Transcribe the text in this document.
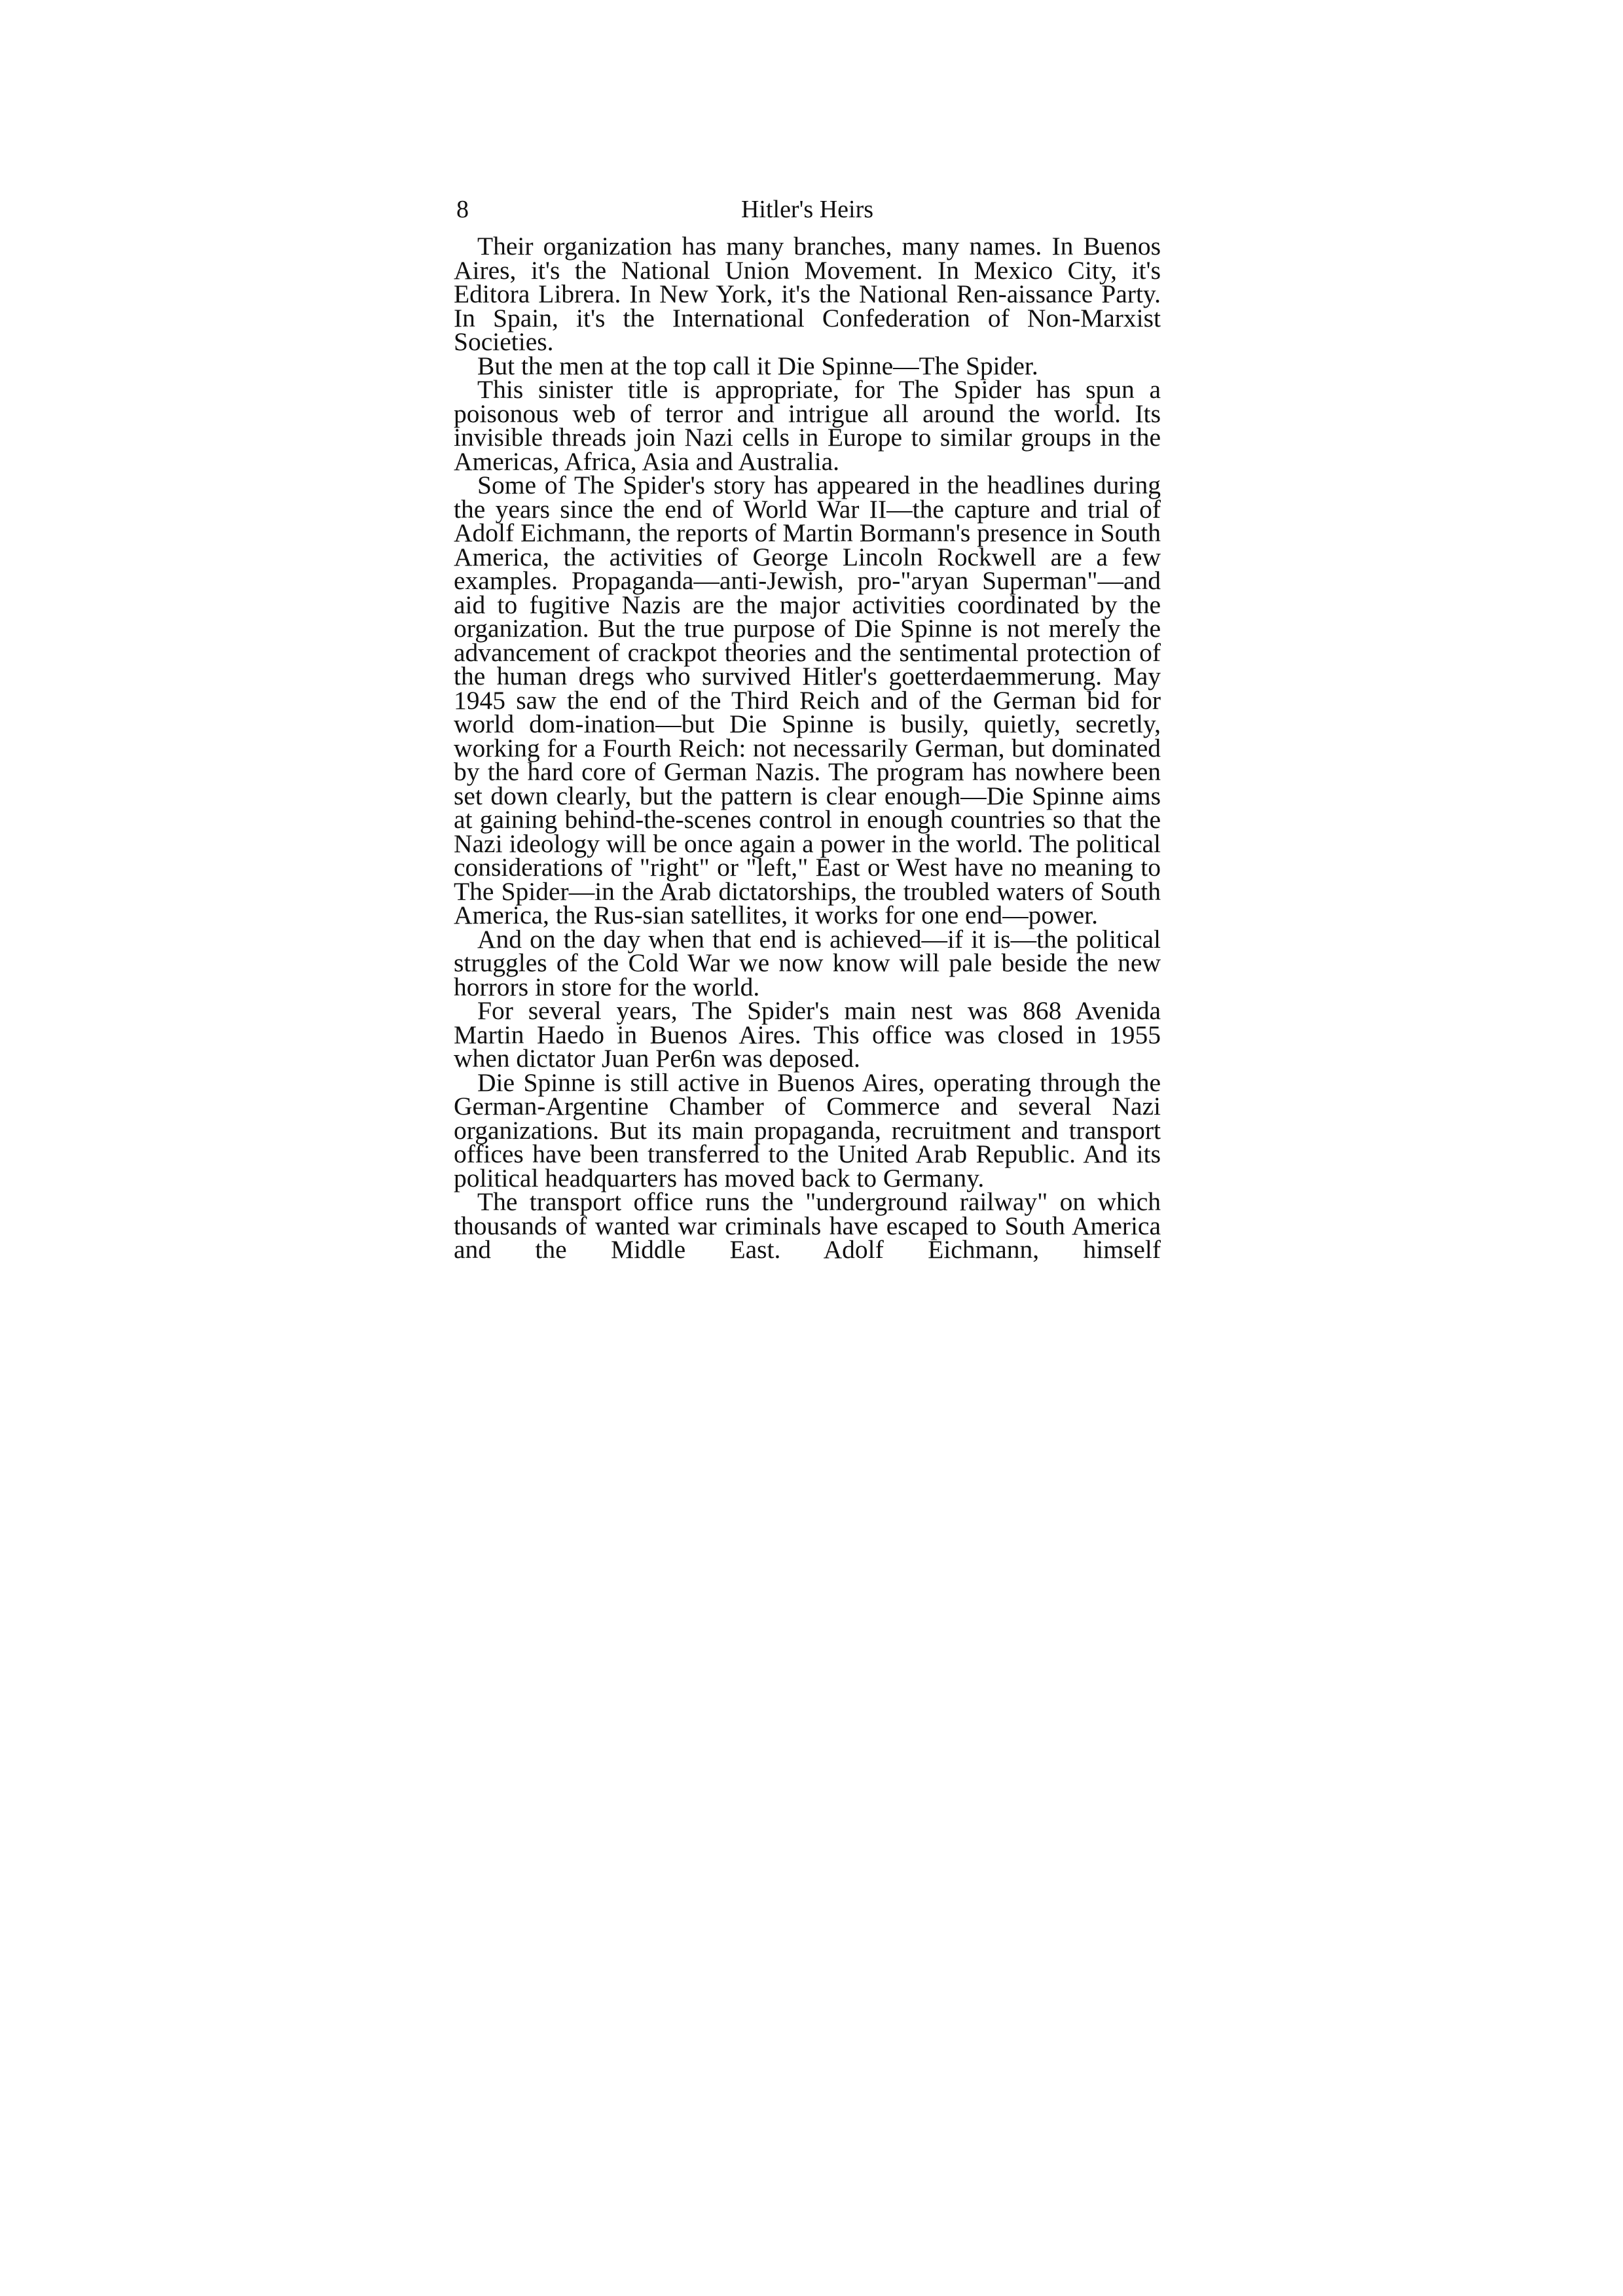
8	Hitler's Heirs

Their organization has many branches, many names. In Buenos Aires, it's the National Union Movement. In Mexico City, it's Editora Librera. In New York, it's the National Ren-aissance Party. In Spain, it's the International Confederation of Non-Marxist Societies.

But the men at the top call it Die Spinne—The Spider.

This sinister title is appropriate, for The Spider has spun a poisonous web of terror and intrigue all around the world. Its invisible threads join Nazi cells in Europe to similar groups in the Americas, Africa, Asia and Australia.

Some of The Spider's story has appeared in the headlines during the years since the end of World War II—the capture and trial of Adolf Eichmann, the reports of Martin Bormann's presence in South America, the activities of George Lincoln Rockwell are a few examples. Propaganda—anti-Jewish, pro-"aryan Superman"—and aid to fugitive Nazis are the major activities coordinated by the organization. But the true purpose of Die Spinne is not merely the advancement of crackpot theories and the sentimental protection of the human dregs who survived Hitler's goetterdaemmerung. May 1945 saw the end of the Third Reich and of the German bid for world dom-ination—but Die Spinne is busily, quietly, secretly, working for a Fourth Reich: not necessarily German, but dominated by the hard core of German Nazis. The program has nowhere been set down clearly, but the pattern is clear enough—Die Spinne aims at gaining behind-the-scenes control in enough countries so that the Nazi ideology will be once again a power in the world. The political considerations of "right" or "left," East or West have no meaning to The Spider—in the Arab dictatorships, the troubled waters of South America, the Rus-sian satellites, it works for one end—power.

And on the day when that end is achieved—if it is—the political struggles of the Cold War we now know will pale beside the new horrors in store for the world.

For several years, The Spider's main nest was 868 Avenida Martin Haedo in Buenos Aires. This office was closed in 1955 when dictator Juan Per6n was deposed.

Die Spinne is still active in Buenos Aires, operating through the German-Argentine Chamber of Commerce and several Nazi organizations. But its main propaganda, recruitment and transport offices have been transferred to the United Arab Republic. And its political headquarters has moved back to Germany.

The transport office runs the "underground railway" on which thousands of wanted war criminals have escaped to South America and the Middle East. Adolf Eichmann, himself
